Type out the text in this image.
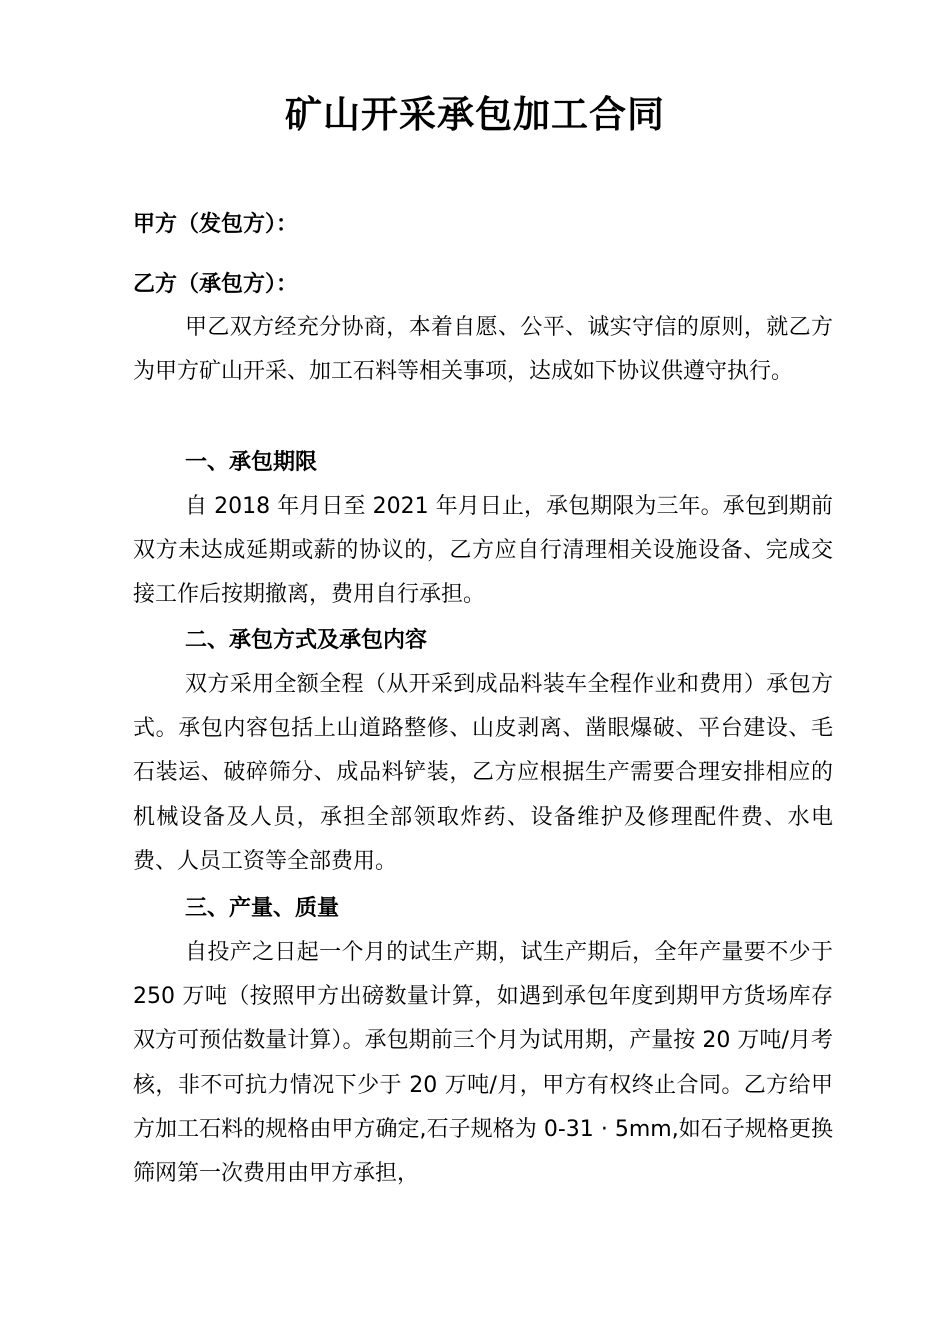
矿山开采承包加工合同
甲方（发包方）：
乙方（承包方）：

甲乙双方经充分协商，本着自愿、公平、诚实守信的原则，就乙方为甲方矿山开采、加工石料等相关事项，达成如下协议供遵守执行。

一、承包期限

自 2018 年月日至 2021 年月日止，承包期限为三年。承包到期前双方未达成延期或薪的协议的，乙方应自行清理相关设施设备、完成交接工作后按期撤离，费用自行承担。

二、承包方式及承包内容

双方采用全额全程（从开采到成品料装车全程作业和费用）承包方式。承包内容包括上山道路整修、山皮剥离、凿眼爆破、平台建设、毛石装运、破碎筛分、成品料铲装，乙方应根据生产需要合理安排相应的机械设备及人员，承担全部领取炸药、设备维护及修理配件费、水电费、人员工资等全部费用。

三、产量、质量

自投产之日起一个月的试生产期，试生产期后，全年产量要不少于 250 万吨（按照甲方出磅数量计算，如遇到承包年度到期甲方货场库存双方可预估数量计算）。承包期前三个月为试用期，产量按 20 万吨/月考核，非不可抗力情况下少于 20 万吨/月，甲方有权终止合同。乙方给甲方加工石料的规格由甲方确定,石子规格为 0-31 · 5mm,如石子规格更换筛网第一次费用由甲方承担，
